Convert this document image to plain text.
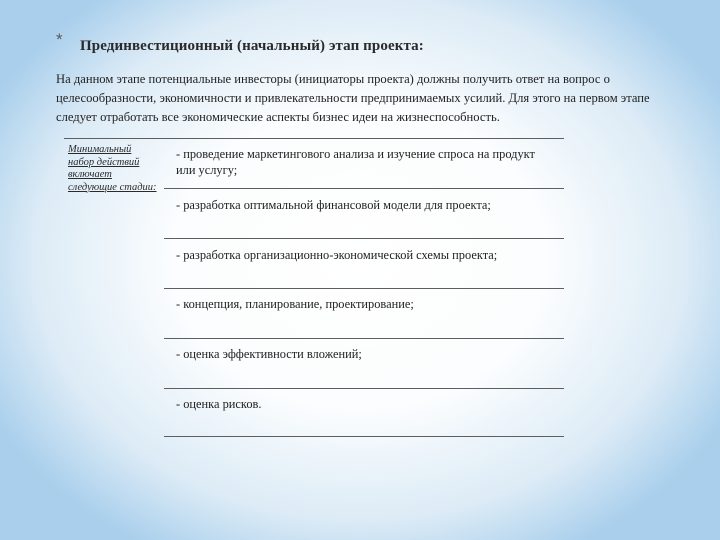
* Прединвестиционный (начальный) этап проекта:
На данном этапе потенциальные инвесторы (инициаторы проекта) должны получить ответ на вопрос о целесообразности, экономичности и привлекательности предпринимаемых усилий. Для этого на первом этапе следует отработать все экономические аспекты бизнес идеи на жизнеспособность.
Минимальный набор действий включает следующие стадии:
- проведение маркетингового анализа и изучение спроса на продукт или услугу;
- разработка оптимальной финансовой модели для проекта;
- разработка организационно-экономической схемы проекта;
- концепция, планирование, проектирование;
- оценка эффективности вложений;
- оценка рисков.
